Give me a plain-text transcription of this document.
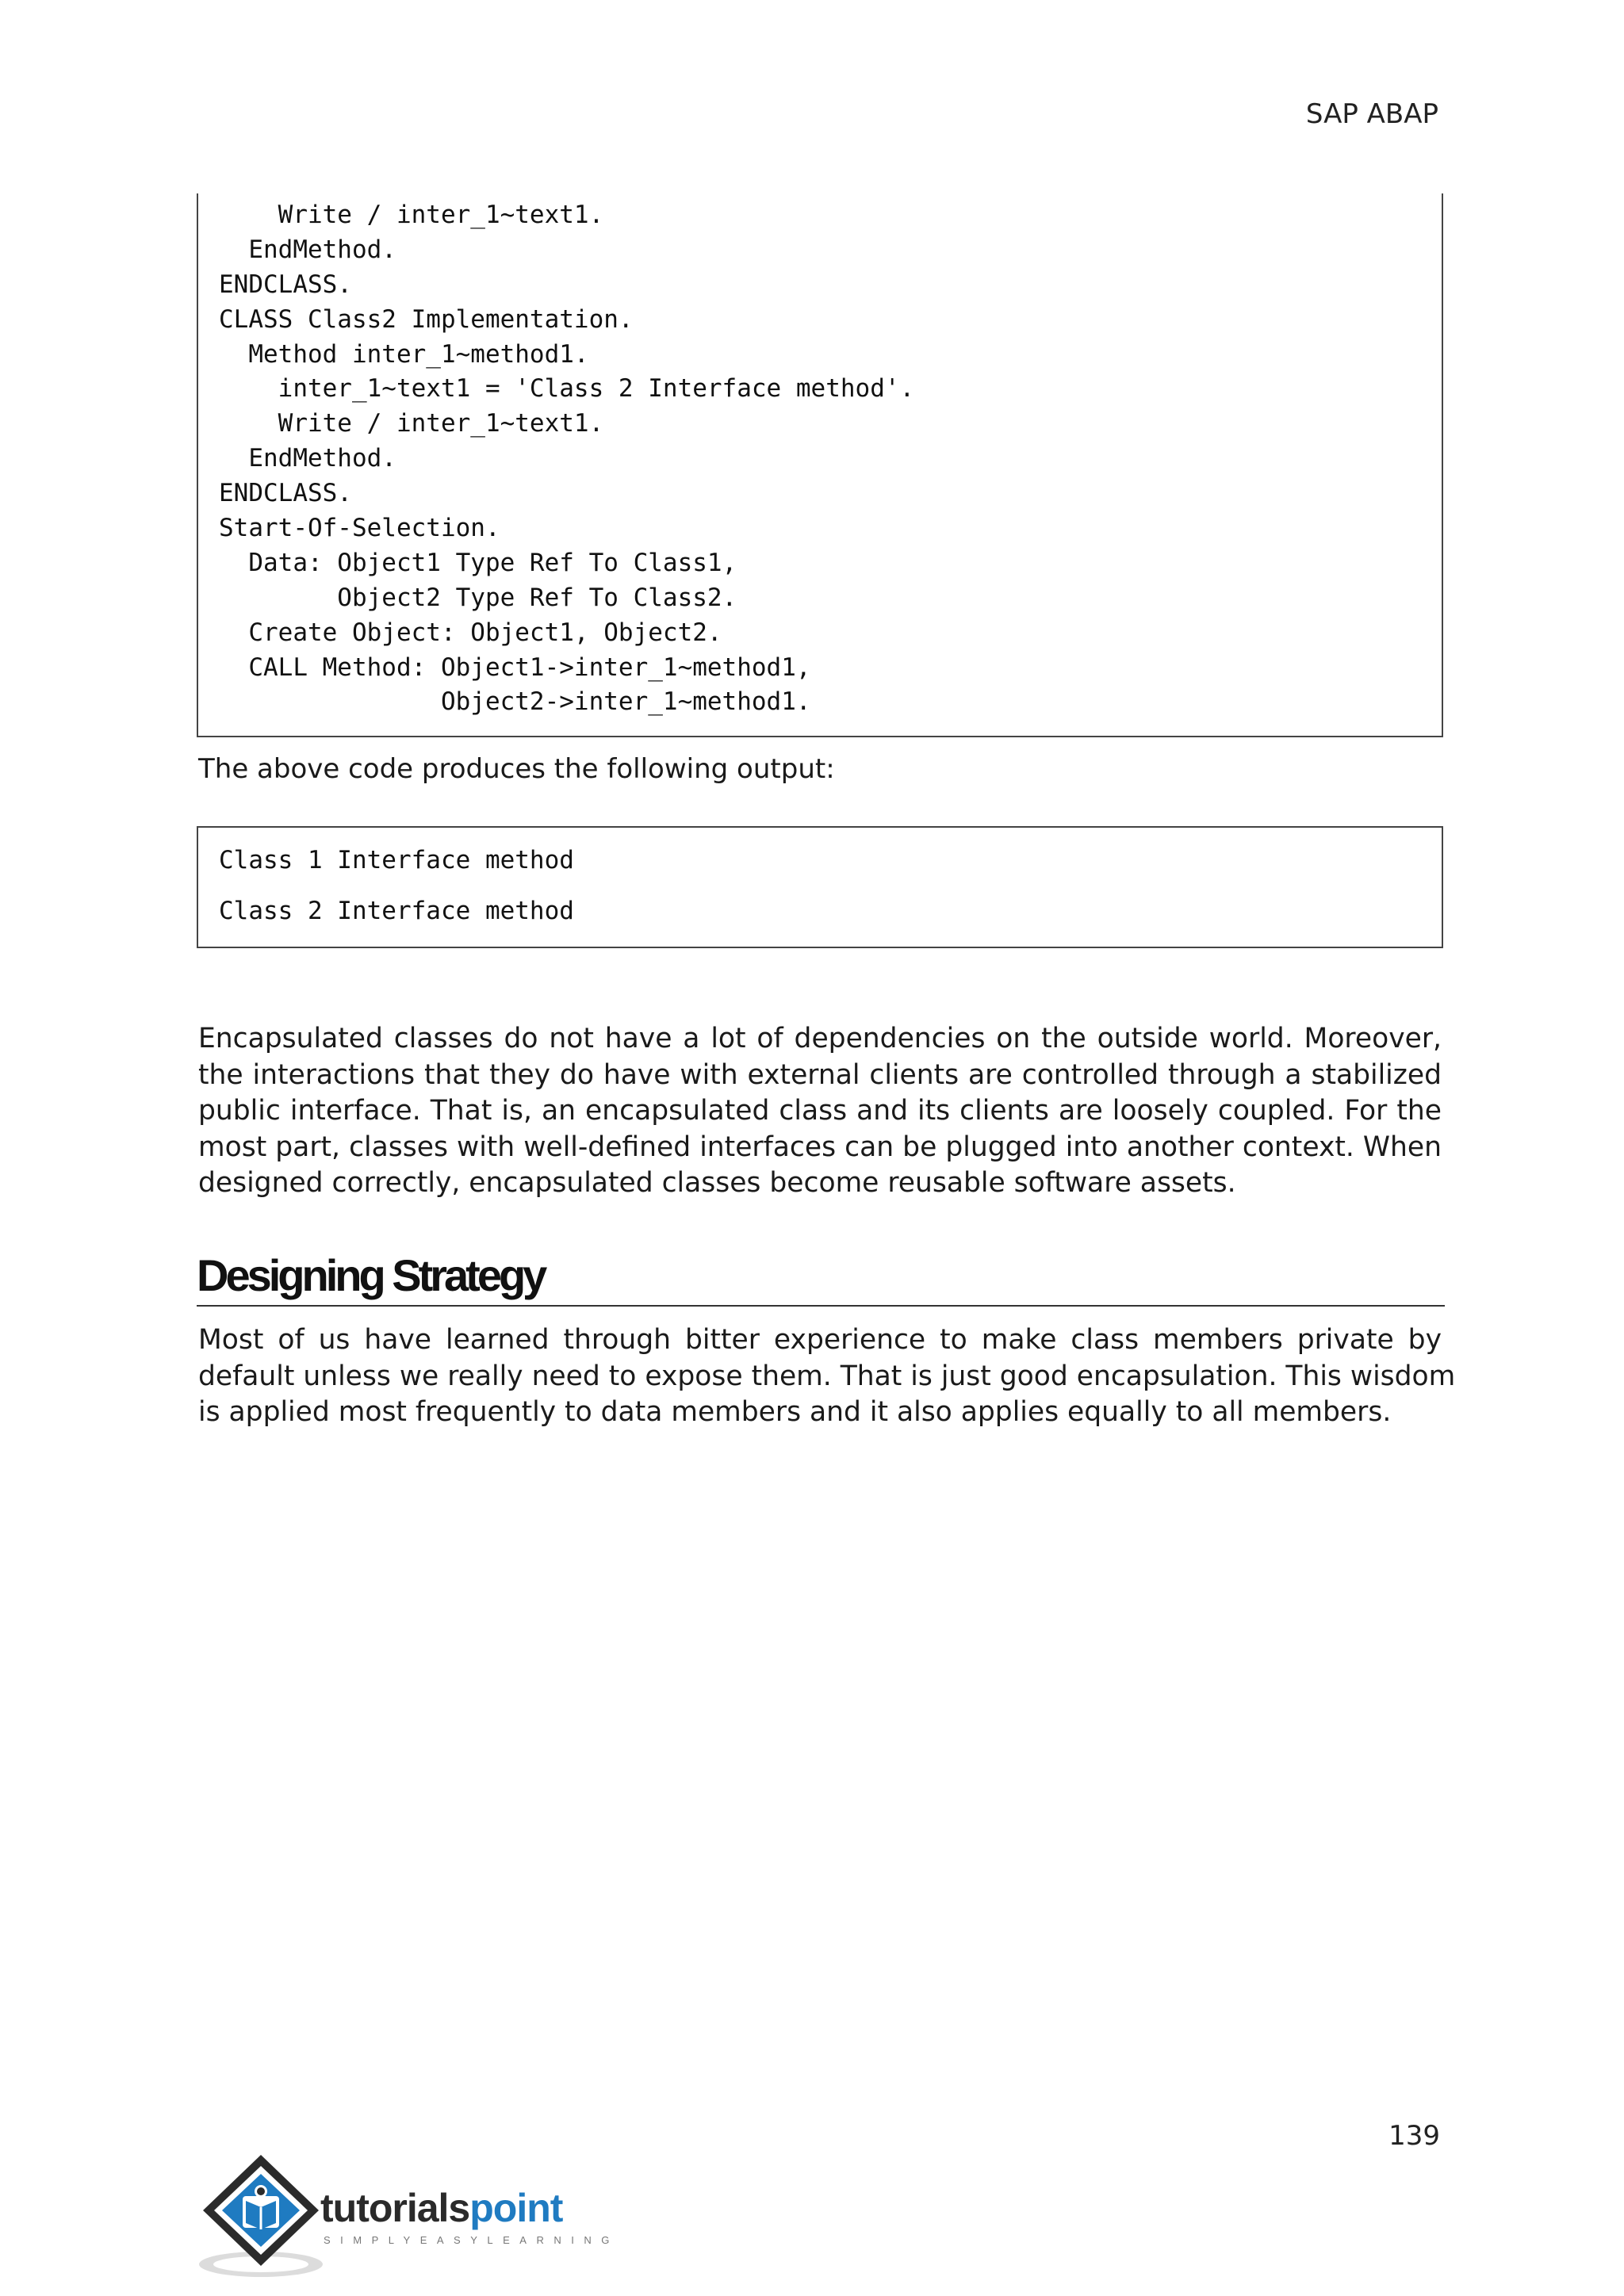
SAP ABAP
Write / inter_1~text1.
EndMethod.
ENDCLASS.
CLASS Class2 Implementation.
Method inter_1~method1.
inter_1~text1 = 'Class 2 Interface method'.
Write / inter_1~text1.
EndMethod.
ENDCLASS.
Start-Of-Selection.
Data: Object1 Type Ref To Class1,
Object2 Type Ref To Class2.
Create Object: Object1, Object2.
CALL Method: Object1->inter_1~method1,
Object2->inter_1~method1.
The above code produces the following output:
Class 1 Interface method
Class 2 Interface method
Encapsulated classes do not have a lot of dependencies on the outside world. Moreover,
the interactions that they do have with external clients are controlled through a stabilized
public interface. That is, an encapsulated class and its clients are loosely coupled. For the
most part, classes with well-defined interfaces can be plugged into another context. When
designed correctly, encapsulated classes become reusable software assets.
Designing Strategy
Most of us have learned through bitter experience to make class members private by
default unless we really need to expose them. That is just good encapsulation. This wisdom
is applied most frequently to data members and it also applies equally to all members.
139
tutorialspoint
SIMPLYEASYLEARNING
